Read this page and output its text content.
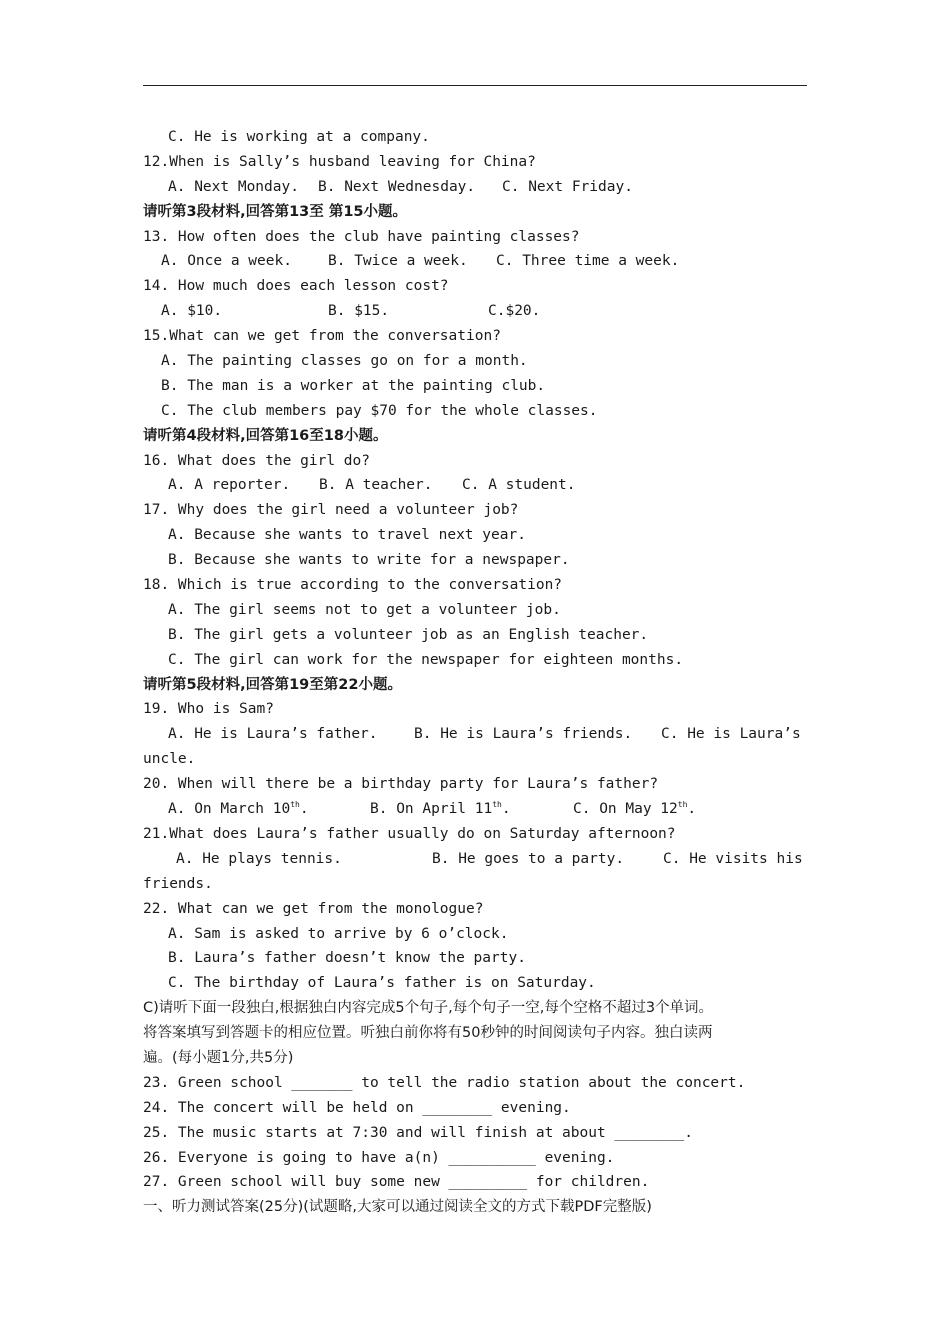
C. He is working at a company.
12.When is Sally’s husband leaving for China?
A. Next Monday.	B. Next Wednesday.	C. Next Friday.
请听第3段材料,回答第13至 第15小题。
13. How often does the club have painting classes?
A. Once a week.	B. Twice a week.	C. Three time a week.
14. How much does each lesson cost?
A. $10.	B. $15.	C.$20.
15.What can we get from the conversation?
A. The painting classes go on for a month.
B. The man is a worker at the painting club.
C. The club members pay $70 for the whole classes.
请听第4段材料,回答第16至18小题。
16. What does the girl do?
A. A reporter.	B. A teacher.	C. A student.
17. Why does the girl need a volunteer job?
A. Because she wants to travel next year.
B. Because she wants to write for a newspaper.
18. Which is true according to the conversation?
A. The girl seems not to get a volunteer job.
B. The girl gets a volunteer job as an English teacher.
C. The girl can work for the newspaper for eighteen months.
请听第5段材料,回答第19至第22小题。
19. Who is Sam?
A. He is Laura’s father.	B. He is Laura’s friends.	C. He is Laura’s
uncle.
20. When will there be a birthday party for Laura’s father?
A. On March 10th.	B. On April 11th.	C. On May 12th.
21.What does Laura’s father usually do on Saturday afternoon?
A. He plays tennis.	B. He goes to a party.	C. He visits his
friends.
22. What can we get from the monologue?
A. Sam is asked to arrive by 6 o’clock.
B. Laura’s father doesn’t know the party.
C. The birthday of Laura’s father is on Saturday.
C)请听下面一段独白,根据独白内容完成5个句子,每个句子一空,每个空格不超过3个单词。
将答案填写到答题卡的相应位置。听独白前你将有50秒钟的时间阅读句子内容。独白读两
遍。(每小题1分,共5分)
23. Green school _______ to tell the radio station about the concert.
24. The concert will be held on ________ evening.
25. The music starts at 7:30 and will finish at about ________.
26. Everyone is going to have a(n) __________ evening.
27. Green school will buy some new _________ for children.
一、听力测试答案(25分)(试题略,大家可以通过阅读全文的方式下载PDF完整版)
